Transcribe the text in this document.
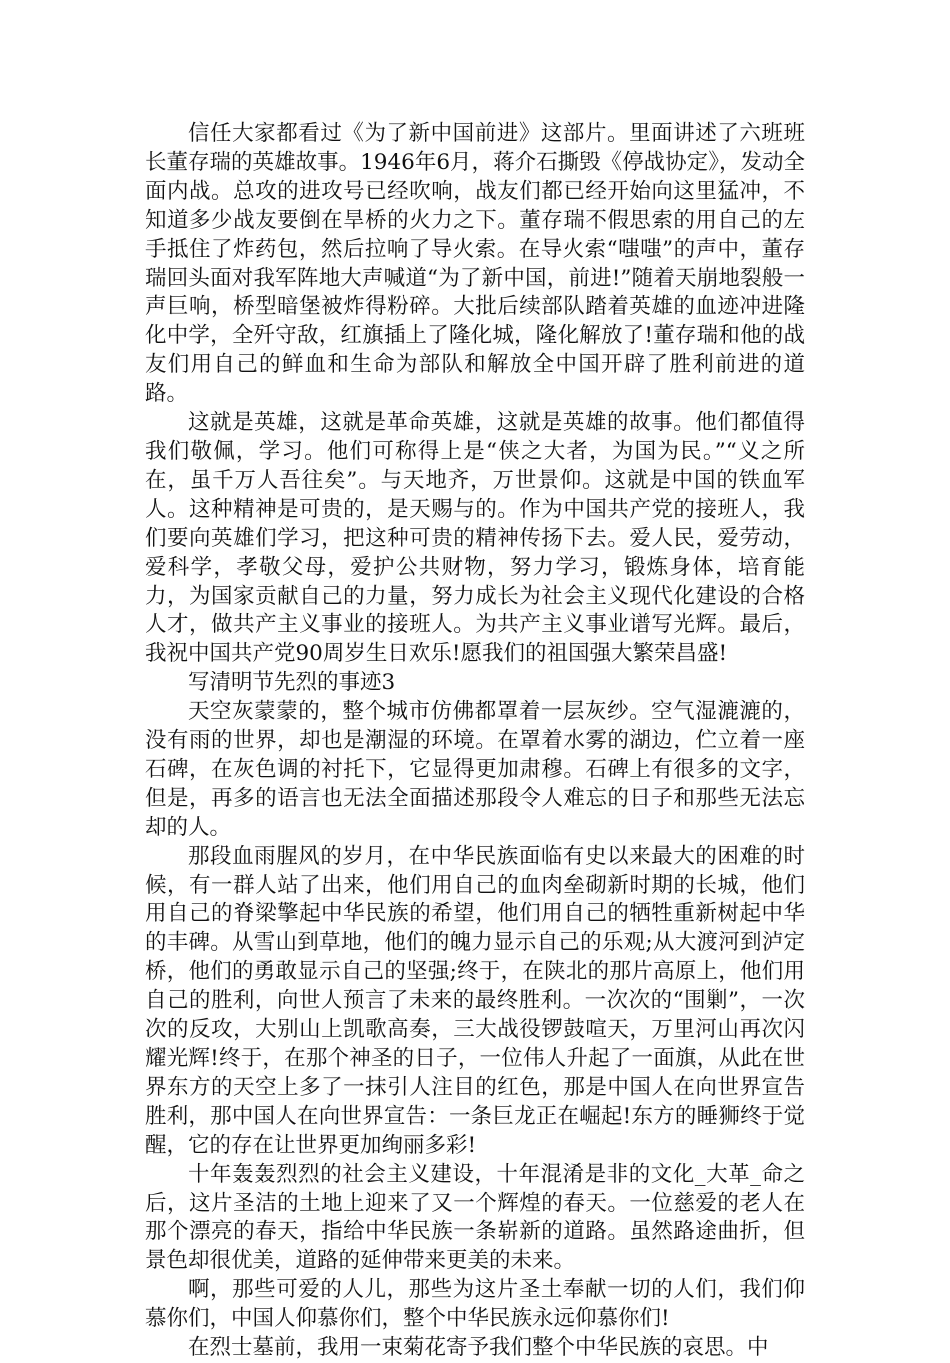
信任大家都看过《为了新中国前进》这部片。里面讲述了六班班长董存瑞的英雄故事。1946年6月，蒋介石撕毁《停战协定》，发动全面内战。总攻的进攻号已经吹响，战友们都已经开始向这里猛冲，不知道多少战友要倒在旱桥的火力之下。董存瑞不假思索的用自己的左手抵住了炸药包，然后拉响了导火索。在导火索“嗤嗤”的声中，董存瑞回头面对我军阵地大声喊道“为了新中国，前进!”随着天崩地裂般一声巨响，桥型暗堡被炸得粉碎。大批后续部队踏着英雄的血迹冲进隆化中学，全歼守敌，红旗插上了隆化城，隆化解放了!董存瑞和他的战友们用自己的鲜血和生命为部队和解放全中国开辟了胜利前进的道路。

这就是英雄，这就是革命英雄，这就是英雄的故事。他们都值得我们敬佩，学习。他们可称得上是“侠之大者，为国为民。”“义之所在，虽千万人吾往矣”。与天地齐，万世景仰。这就是中国的铁血军人。这种精神是可贵的，是天赐与的。作为中国共产党的接班人，我们要向英雄们学习，把这种可贵的精神传扬下去。爱人民，爱劳动，爱科学，孝敬父母，爱护公共财物，努力学习，锻炼身体，培育能力，为国家贡献自己的力量，努力成长为社会主义现代化建设的合格人才，做共产主义事业的接班人。为共产主义事业谱写光辉。最后，我祝中国共产党90周岁生日欢乐!愿我们的祖国强大繁荣昌盛!

写清明节先烈的事迹3

天空灰蒙蒙的，整个城市仿佛都罩着一层灰纱。空气湿漉漉的，没有雨的世界，却也是潮湿的环境。在罩着水雾的湖边，伫立着一座石碑，在灰色调的衬托下，它显得更加肃穆。石碑上有很多的文字，但是，再多的语言也无法全面描述那段令人难忘的日子和那些无法忘却的人。

那段血雨腥风的岁月，在中华民族面临有史以来最大的困难的时候，有一群人站了出来，他们用自己的血肉垒砌新时期的长城，他们用自己的脊梁擎起中华民族的希望，他们用自己的牺牲重新树起中华的丰碑。从雪山到草地，他们的魄力显示自己的乐观;从大渡河到泸定桥，他们的勇敢显示自己的坚强;终于，在陕北的那片高原上，他们用自己的胜利，向世人预言了未来的最终胜利。一次次的“围剿”，一次次的反攻，大别山上凯歌高奏，三大战役锣鼓喧天，万里河山再次闪耀光辉!终于，在那个神圣的日子，一位伟人升起了一面旗，从此在世界东方的天空上多了一抹引人注目的红色，那是中国人在向世界宣告胜利，那中国人在向世界宣告：一条巨龙正在崛起!东方的睡狮终于觉醒，它的存在让世界更加绚丽多彩!

十年轰轰烈烈的社会主义建设，十年混淆是非的文化_大革_命之后，这片圣洁的土地上迎来了又一个辉煌的春天。一位慈爱的老人在那个漂亮的春天，指给中华民族一条崭新的道路。虽然路途曲折，但景色却很优美，道路的延伸带来更美的未来。

啊，那些可爱的人儿，那些为这片圣土奉献一切的人们，我们仰慕你们，中国人仰慕你们，整个中华民族永远仰慕你们!

在烈士墓前，我用一束菊花寄予我们整个中华民族的哀思。中
